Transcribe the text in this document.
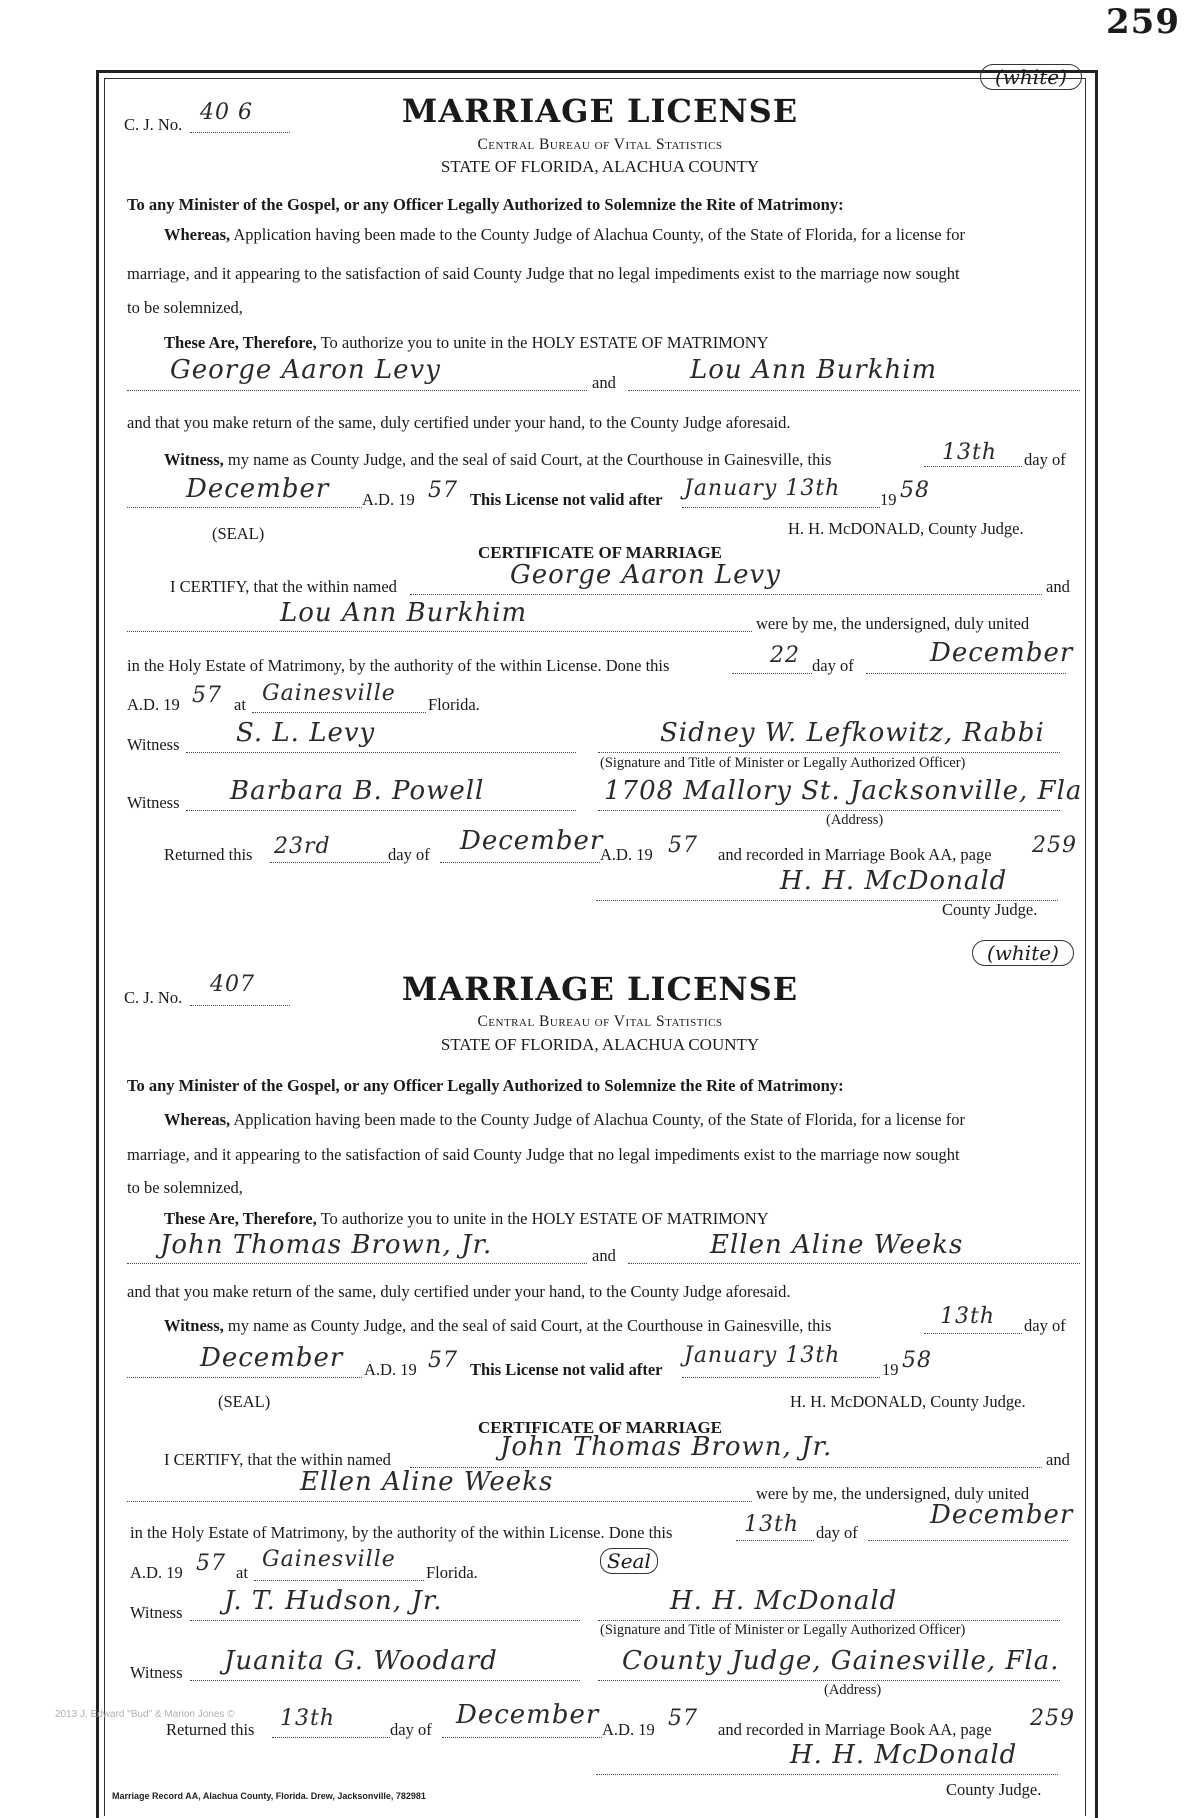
259
(white)
C. J. No. 40 6	MARRIAGE LICENSE
Central Bureau of Vital Statistics
STATE OF FLORIDA, ALACHUA COUNTY
To any Minister of the Gospel, or any Officer Legally Authorized to Solemnize the Rite of Matrimony:
Whereas, Application having been made to the County Judge of Alachua County, of the State of Florida, for a license for
marriage, and it appearing to the satisfaction of said County Judge that no legal impediments exist to the marriage now sought
to be solemnized,
These Are, Therefore, To authorize you to unite in the HOLY ESTATE OF MATRIMONY
George Aaron Levy	and	Lou Ann Burkhim
and that you make return of the same, duly certified under your hand, to the County Judge aforesaid.
Witness, my name as County Judge, and the seal of said Court, at the Courthouse in Gainesville, this	13th day of
December A.D. 19 57 This License not valid after January 13th 19 58
(SEAL)	H. H. McDONALD, County Judge.
CERTIFICATE OF MARRIAGE
I CERTIFY, that the within named	George Aaron Levy	and
Lou Ann Burkhim	were by me, the undersigned, duly united
in the Holy Estate of Matrimony, by the authority of the within License. Done this	22 day of	December
A.D. 19 57 at Gainesville Florida.
Witness S. L. Levy	Sidney W. Lefkowitz, Rabbi
(Signature and Title of Minister or Legally Authorized Officer)
Witness Barbara B. Powell	1708 Mallory St. Jacksonville, Fla
(Address)
Returned this 23rd	day of December
A.D. 19 57 and recorded in Marriage Book AA, page 259
H. H. McDonald
County Judge.
(white)
C. J. No.
407	MARRIAGE LICENSE
Central Bureau of Vital Statistics
STATE OF FLORIDA, ALACHUA COUNTY
To any Minister of the Gospel, or any Officer Legally Authorized to Solemnize the Rite of Matrimony:
Whereas, Application having been made to the County Judge of Alachua County, of the State of Florida, for a license for
marriage, and it appearing to the satisfaction of said County Judge that no legal impediments exist to the marriage now sought
to be solemnized,
These Are, Therefore, To authorize you to unite in the HOLY ESTATE OF MATRIMONY
John Thomas Brown, Jr.	and	Ellen Aline Weeks
and that you make return of the same, duly certified under your hand, to the County Judge aforesaid.
Witness, my name as County Judge, and the seal of said Court, at the Courthouse in Gainesville, this	13th day of
December A.D. 19 57 This License not valid after
January 13th
19 58
(SEAL)	H. H. McDONALD, County Judge.
CERTIFICATE OF MARRIAGE
I CERTIFY, that the within named	John Thomas Brown, Jr.	and
Ellen Aline Weeks	were by me, the undersigned, duly united
in the Holy Estate of Matrimony, by the authority of the within License. Done this	13th day of
December
A.D. 19 57 at
Gainesville
Florida.	Seal
Witness J. T. Hudson, Jr.	H. H. McDonald
(Signature and Title of Minister or Legally Authorized Officer)
Witness Juanita G. Woodard	County Judge, Gainesville, Fla.
(Address)
Returned this 13th	day of December A.D. 19 57 and recorded in Marriage Book AA, page 259
H. H. McDonald
County Judge.
2013 J. Edward "Bud" & Marion Jones ©
Marriage Record AA, Alachua County, Florida. Drew, Jacksonville, 782981
